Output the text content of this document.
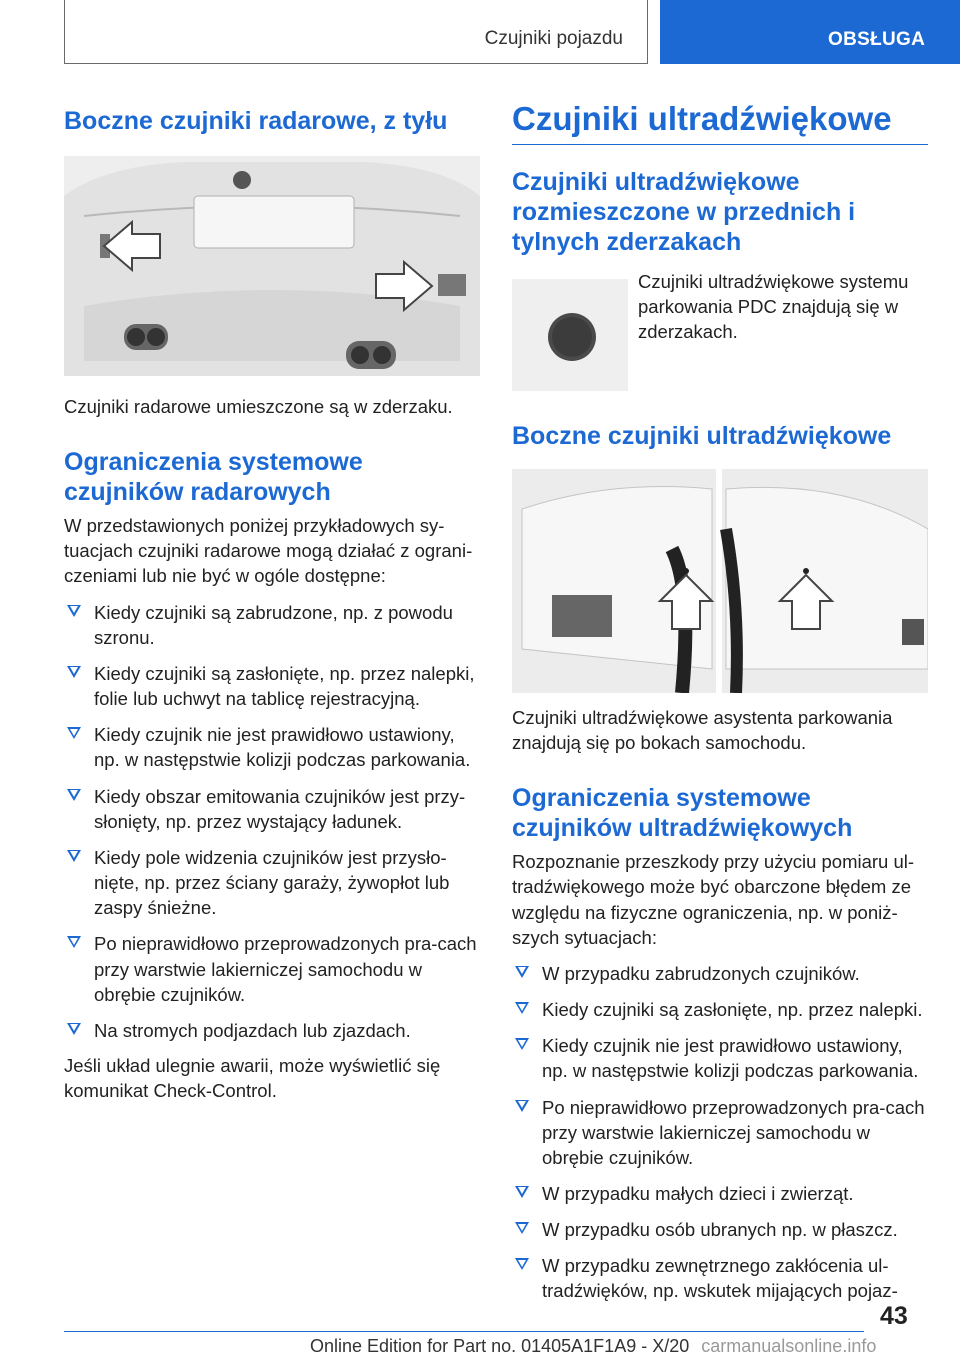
Czujniki pojazdu	OBSŁUGA
Boczne czujniki radarowe, z tyłu

Czujniki radarowe umieszczone są w zderzaku.

Ograniczenia systemowe czujników radarowych

W przedstawionych poniżej przykładowych sy-tuacjach czujniki radarowe mogą działać z ograni-czeniami lub nie być w ogóle dostępne:

Kiedy czujniki są zabrudzone, np. z powodu szronu.
Kiedy czujniki są zasłonięte, np. przez nalepki, folie lub uchwyt na tablicę rejestracyjną.
Kiedy czujnik nie jest prawidłowo ustawiony, np. w następstwie kolizji podczas parkowania.
Kiedy obszar emitowania czujników jest przy-słonięty, np. przez wystający ładunek.
Kiedy pole widzenia czujników jest przysło-nięte, np. przez ściany garaży, żywopłot lub zaspy śnieżne.
Po nieprawidłowo przeprowadzonych pra-cach przy warstwie lakierniczej samochodu w obrębie czujników.
Na stromych podjazdach lub zjazdach.

Jeśli układ ulegnie awarii, może wyświetlić się komunikat Check-Control.

Czujniki ultradźwiękowe
Czujniki ultradźwiękowe rozmieszczone w przednich i tylnych zderzakach

Czujniki ultradźwiękowe systemu parkowania PDC znajdują się w zderzakach.

Boczne czujniki ultradźwiękowe

Czujniki ultradźwiękowe asystenta parkowania znajdują się po bokach samochodu.

Ograniczenia systemowe czujników ultradźwiękowych

Rozpoznanie przeszkody przy użyciu pomiaru ul-tradźwiękowego może być obarczone błędem ze względu na fizyczne ograniczenia, np. w poniż-szych sytuacjach:

W przypadku zabrudzonych czujników.
Kiedy czujniki są zasłonięte, np. przez nalepki.
Kiedy czujnik nie jest prawidłowo ustawiony, np. w następstwie kolizji podczas parkowania.
Po nieprawidłowo przeprowadzonych pra-cach przy warstwie lakierniczej samochodu w obrębie czujników.
W przypadku małych dzieci i zwierząt.
W przypadku osób ubranych np. w płaszcz.
W przypadku zewnętrznego zakłócenia ul-tradźwięków, np. wskutek mijających pojaz-
43
Online Edition for Part no. 01405A1F1A9 - X/20 carmanualsonline.info
